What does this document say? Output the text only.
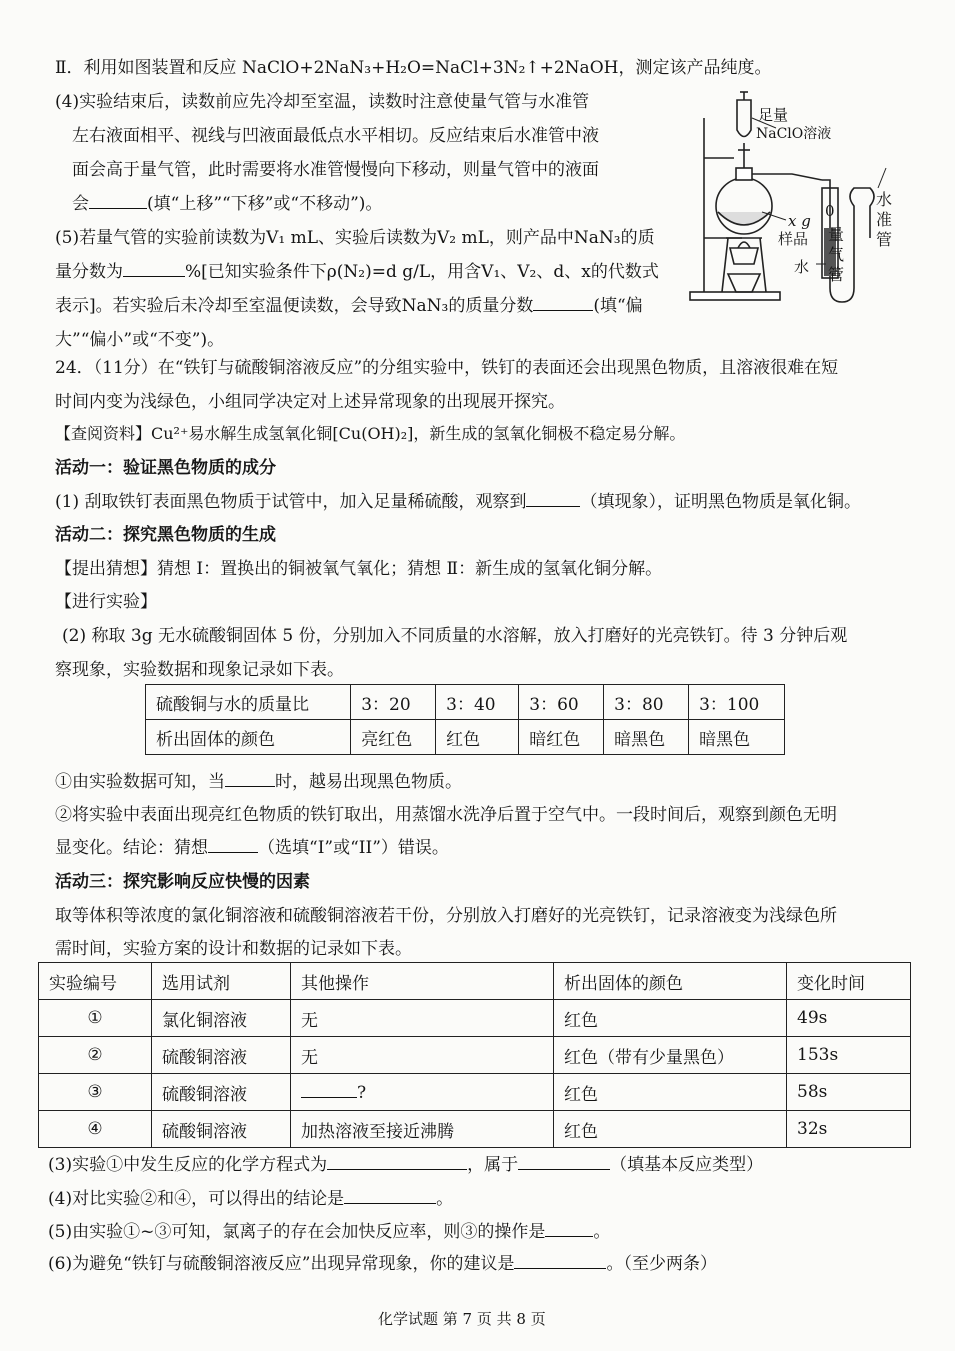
Ⅱ．利用如图装置和反应 NaClO+2NaN₃+H₂O=NaCl+3N₂↑+2NaOH，测定该产品纯度。
(4)实验结束后，读数前应先冷却至室温，读数时注意使量气管与水准管
左右液面相平、视线与凹液面最低点水平相切。反应结束后水准管中液
面会高于量气管，此时需要将水准管慢慢向下移动，则量气管中的液面
会	(填“上移”“下移”或“不移动”)。
(5)若量气管的实验前读数为V₁ mL、实验后读数为V₂ mL，则产品中NaN₃的质
量分数为	%[已知实验条件下ρ(N₂)=d g/L，用含V₁、V₂、d、x的代数式
表示]。若实验后未冷却至室温便读数，会导致NaN₃的质量分数	(填“偏
大”“偏小”或“不变”)。
足量
NaClO溶液
x g
样品
水
0
量气管
水准管
24．（11分）在“铁钉与硫酸铜溶液反应”的分组实验中，铁钉的表面还会出现黑色物质，且溶液很难在短
时间内变为浅绿色，小组同学决定对上述异常现象的出现展开探究。
【查阅资料】Cu²⁺易水解生成氢氧化铜[Cu(OH)₂]，新生成的氢氧化铜极不稳定易分解。
活动一：验证黑色物质的成分
(1) 刮取铁钉表面黑色物质于试管中，加入足量稀硫酸，观察到	（填现象），证明黑色物质是氧化铜。
活动二：探究黑色物质的生成
【提出猜想】猜想 Ⅰ：置换出的铜被氧气氧化；猜想 Ⅱ：新生成的氢氧化铜分解。
【进行实验】
(2) 称取 3g 无水硫酸铜固体 5 份，分别加入不同质量的水溶解，放入打磨好的光亮铁钉。待 3 分钟后观
察现象，实验数据和现象记录如下表。
硫酸铜与水的质量比	3：20	3：40	3：60	3：80	3：100
析出固体的颜色	亮红色	红色	暗红色	暗黑色	暗黑色
①由实验数据可知，当	时，越易出现黑色物质。
②将实验中表面出现亮红色物质的铁钉取出，用蒸馏水洗净后置于空气中。一段时间后，观察到颜色无明
显变化。结论：猜想	（选填“I”或“II”）错误。
活动三：探究影响反应快慢的因素
取等体积等浓度的氯化铜溶液和硫酸铜溶液若干份，分别放入打磨好的光亮铁钉，记录溶液变为浅绿色所
需时间，实验方案的设计和数据的记录如下表。
实验编号	选用试剂	其他操作	析出固体的颜色	变化时间
①	氯化铜溶液	无	红色	49s
②	硫酸铜溶液	无	红色（带有少量黑色）	153s
③	硫酸铜溶液	?	红色	58s
④	硫酸铜溶液	加热溶液至接近沸腾	红色	32s
(3)实验①中发生反应的化学方程式为	，属于	（填基本反应类型）
(4)对比实验②和④，可以得出的结论是	。
(5)由实验①~③可知，氯离子的存在会加快反应率，则③的操作是	。
(6)为避免“铁钉与硫酸铜溶液反应”出现异常现象，你的建议是	。（至少两条）
化学试题 第 7 页 共 8 页
